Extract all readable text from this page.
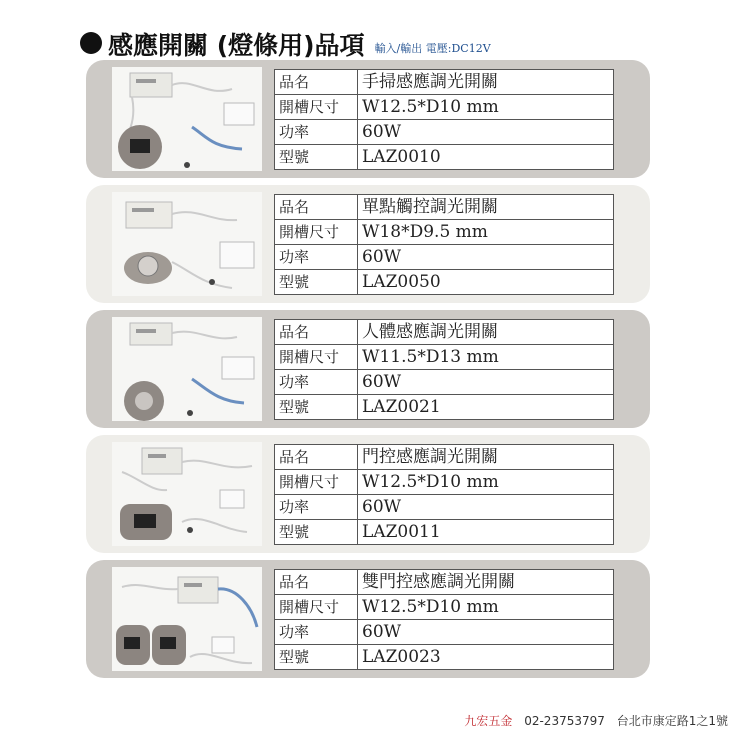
感應開關 (燈條用)品項 輸入/輸出 電壓:DC12V
品名	手掃感應調光開關
開槽尺寸	W12.5*D10 mm
功率	60W
型號	LAZ0010
品名	單點觸控調光開關
開槽尺寸	W18*D9.5 mm
功率	60W
型號	LAZ0050
品名	人體感應調光開關
開槽尺寸	W11.5*D13 mm
功率	60W
型號	LAZ0021
品名	門控感應調光開關
開槽尺寸	W12.5*D10 mm
功率	60W
型號	LAZ0011
品名	雙門控感應調光開關
開槽尺寸	W12.5*D10 mm
功率	60W
型號	LAZ0023
九宏五金 02-23753797 台北市康定路1之1號
